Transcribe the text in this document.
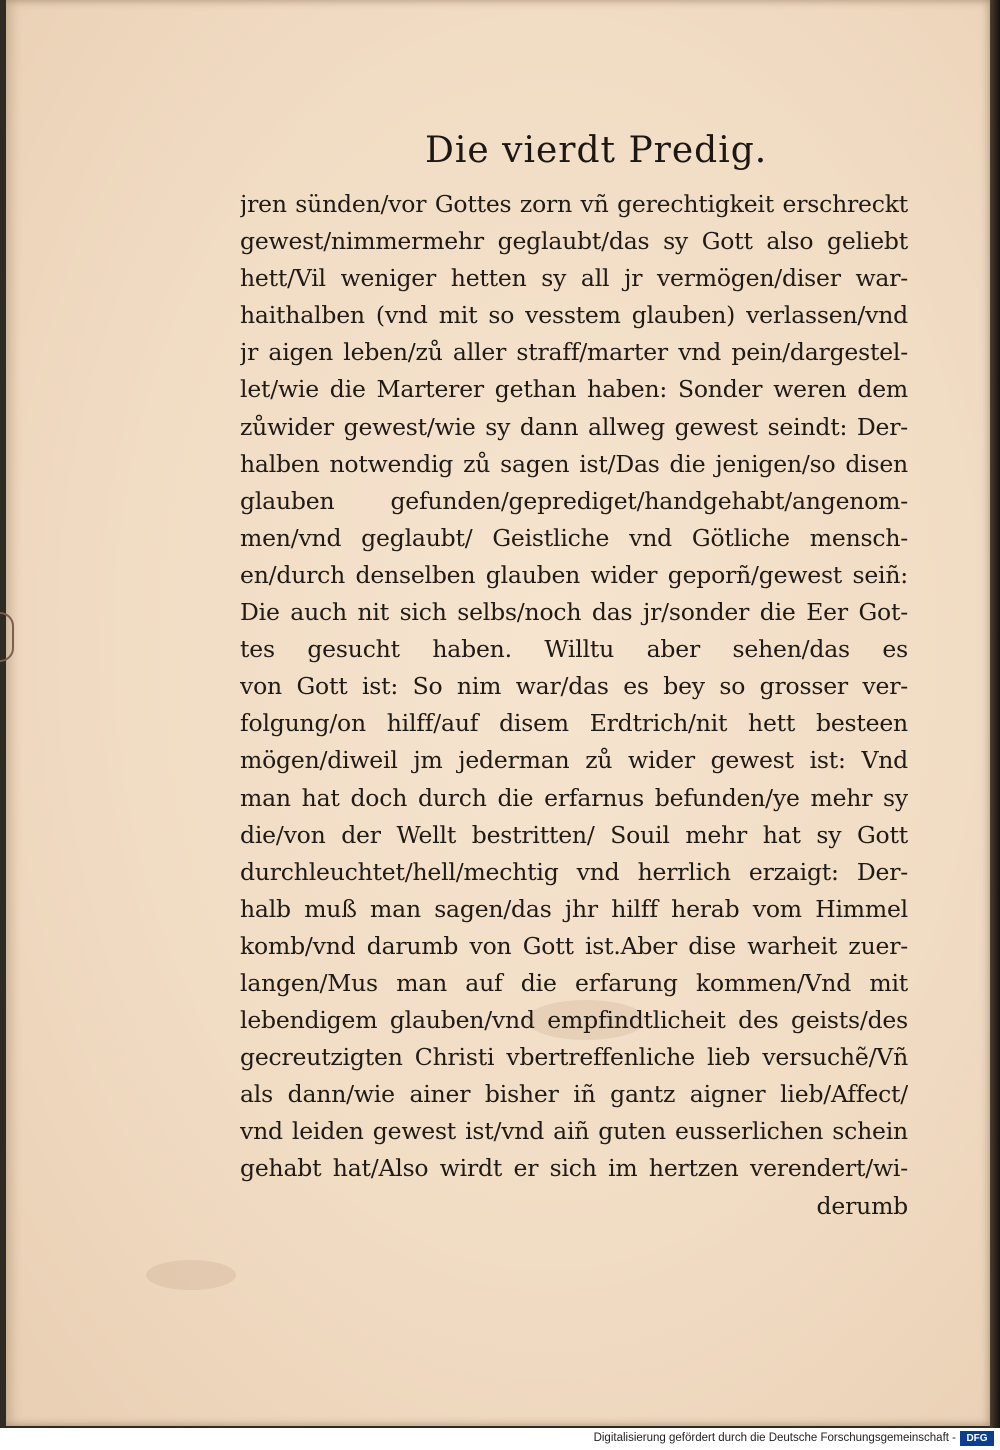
Die vierdt Predig.
jren sünden/vor Gottes zorn vñ gerechtigkeit erschreckt
gewest/nimmermehr geglaubt/das sy Gott also geliebt
hett/Vil weniger hetten sy all jr vermögen/diser war-
haithalben (vnd mit so vesstem glauben) verlassen/vnd
jr aigen leben/zů aller straff/marter vnd pein/dargestel-
let/wie die Marterer gethan haben: Sonder weren dem
zůwider gewest/wie sy dann allweg gewest seindt: Der-
halben notwendig zů sagen ist/Das die jenigen/so disen
glauben gefunden/geprediget/handgehabt/angenom-
men/vnd geglaubt/ Geistliche vnd Götliche mensch-
en/durch denselben glauben wider geporñ/gewest seiñ:
Die auch nit sich selbs/noch das jr/sonder die Eer Got-
tes gesucht haben. Willtu aber sehen/das es
von Gott ist: So nim war/das es bey so grosser ver-
folgung/on hilff/auf disem Erdtrich/nit hett besteen
mögen/diweil jm jederman zů wider gewest ist: Vnd
man hat doch durch die erfarnus befunden/ye mehr sy
die/von der Wellt bestritten/ Souil mehr hat sy Gott
durchleuchtet/hell/mechtig vnd herrlich erzaigt: Der-
halb muß man sagen/das jhr hilff herab vom Himmel
komb/vnd darumb von Gott ist.Aber dise warheit zuer-
langen/Mus man auf die erfarung kommen/Vnd mit
lebendigem glauben/vnd empfindtlicheit des geists/des
gecreutzigten Christi vbertreffenliche lieb versuchẽ/Vñ
als dann/wie ainer bisher iñ gantz aigner lieb/Affect/
vnd leiden gewest ist/vnd aiñ guten eusserlichen schein
gehabt hat/Also wirdt er sich im hertzen verendert/wi-
derumb
Digitalisierung gefördert durch die Deutsche Forschungsgemeinschaft -	DFG
